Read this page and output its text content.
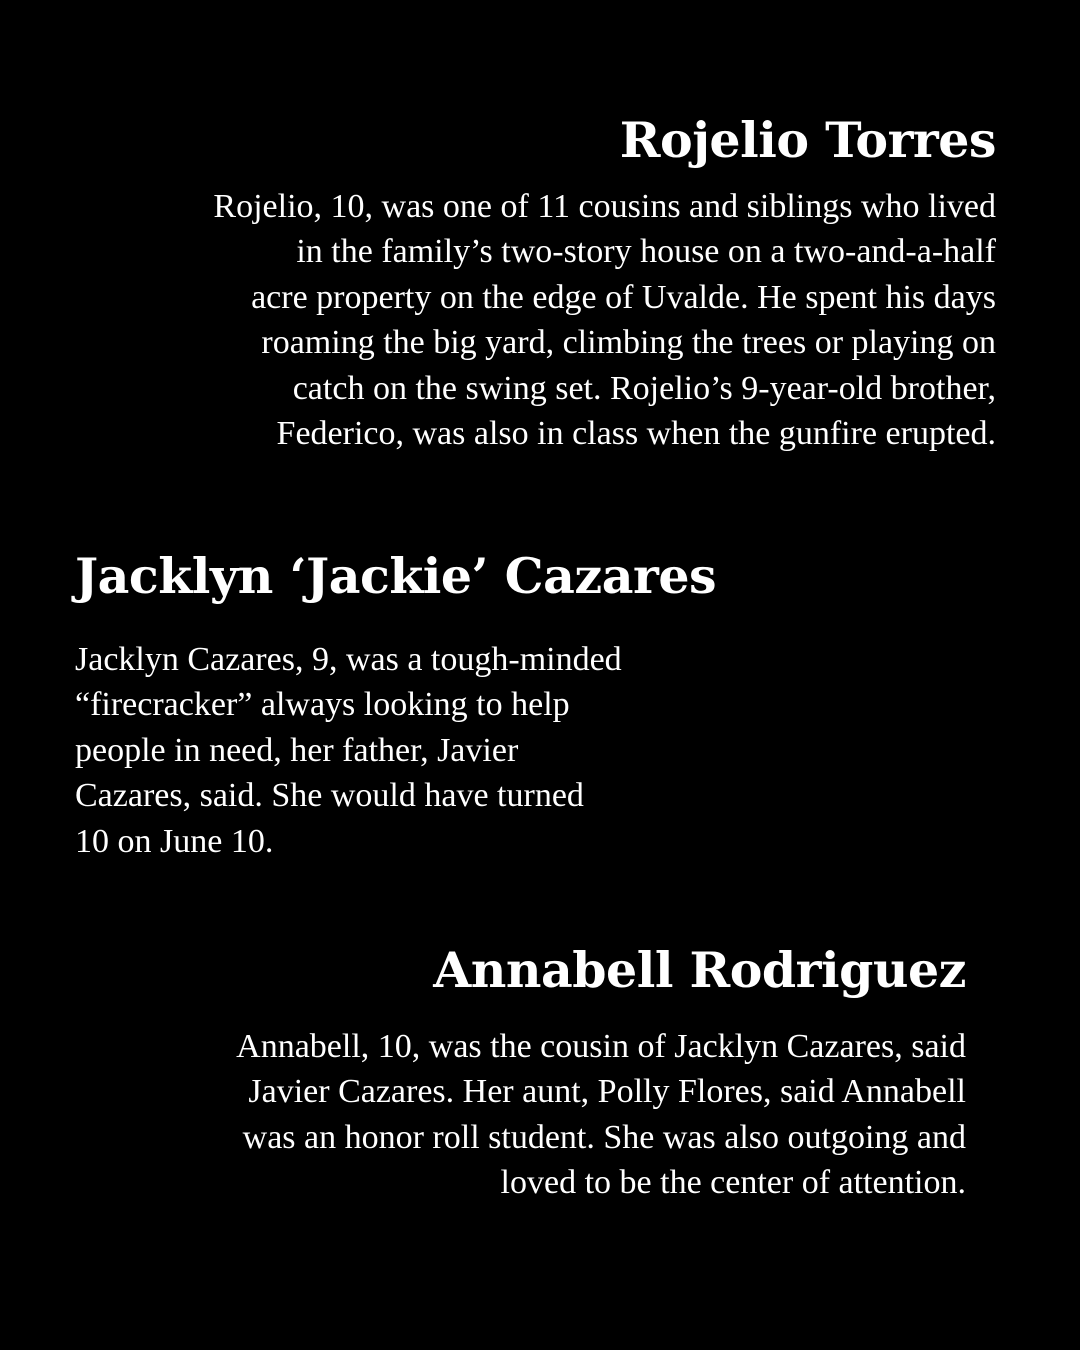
Rojelio Torres
Rojelio, 10, was one of 11 cousins and siblings who lived
in the family’s two-story house on a two-and-a-half
acre property on the edge of Uvalde. He spent his days
roaming the big yard, climbing the trees or playing on
catch on the swing set. Rojelio’s 9-year-old brother,
Federico, was also in class when the gunfire erupted.
Jacklyn ‘Jackie’ Cazares
Jacklyn Cazares, 9, was a tough-minded
“firecracker” always looking to help
people in need, her father, Javier
Cazares, said. She would have turned
10 on June 10.
Annabell Rodriguez
Annabell, 10, was the cousin of Jacklyn Cazares, said
Javier Cazares. Her aunt, Polly Flores, said Annabell
was an honor roll student. She was also outgoing and
loved to be the center of attention.
